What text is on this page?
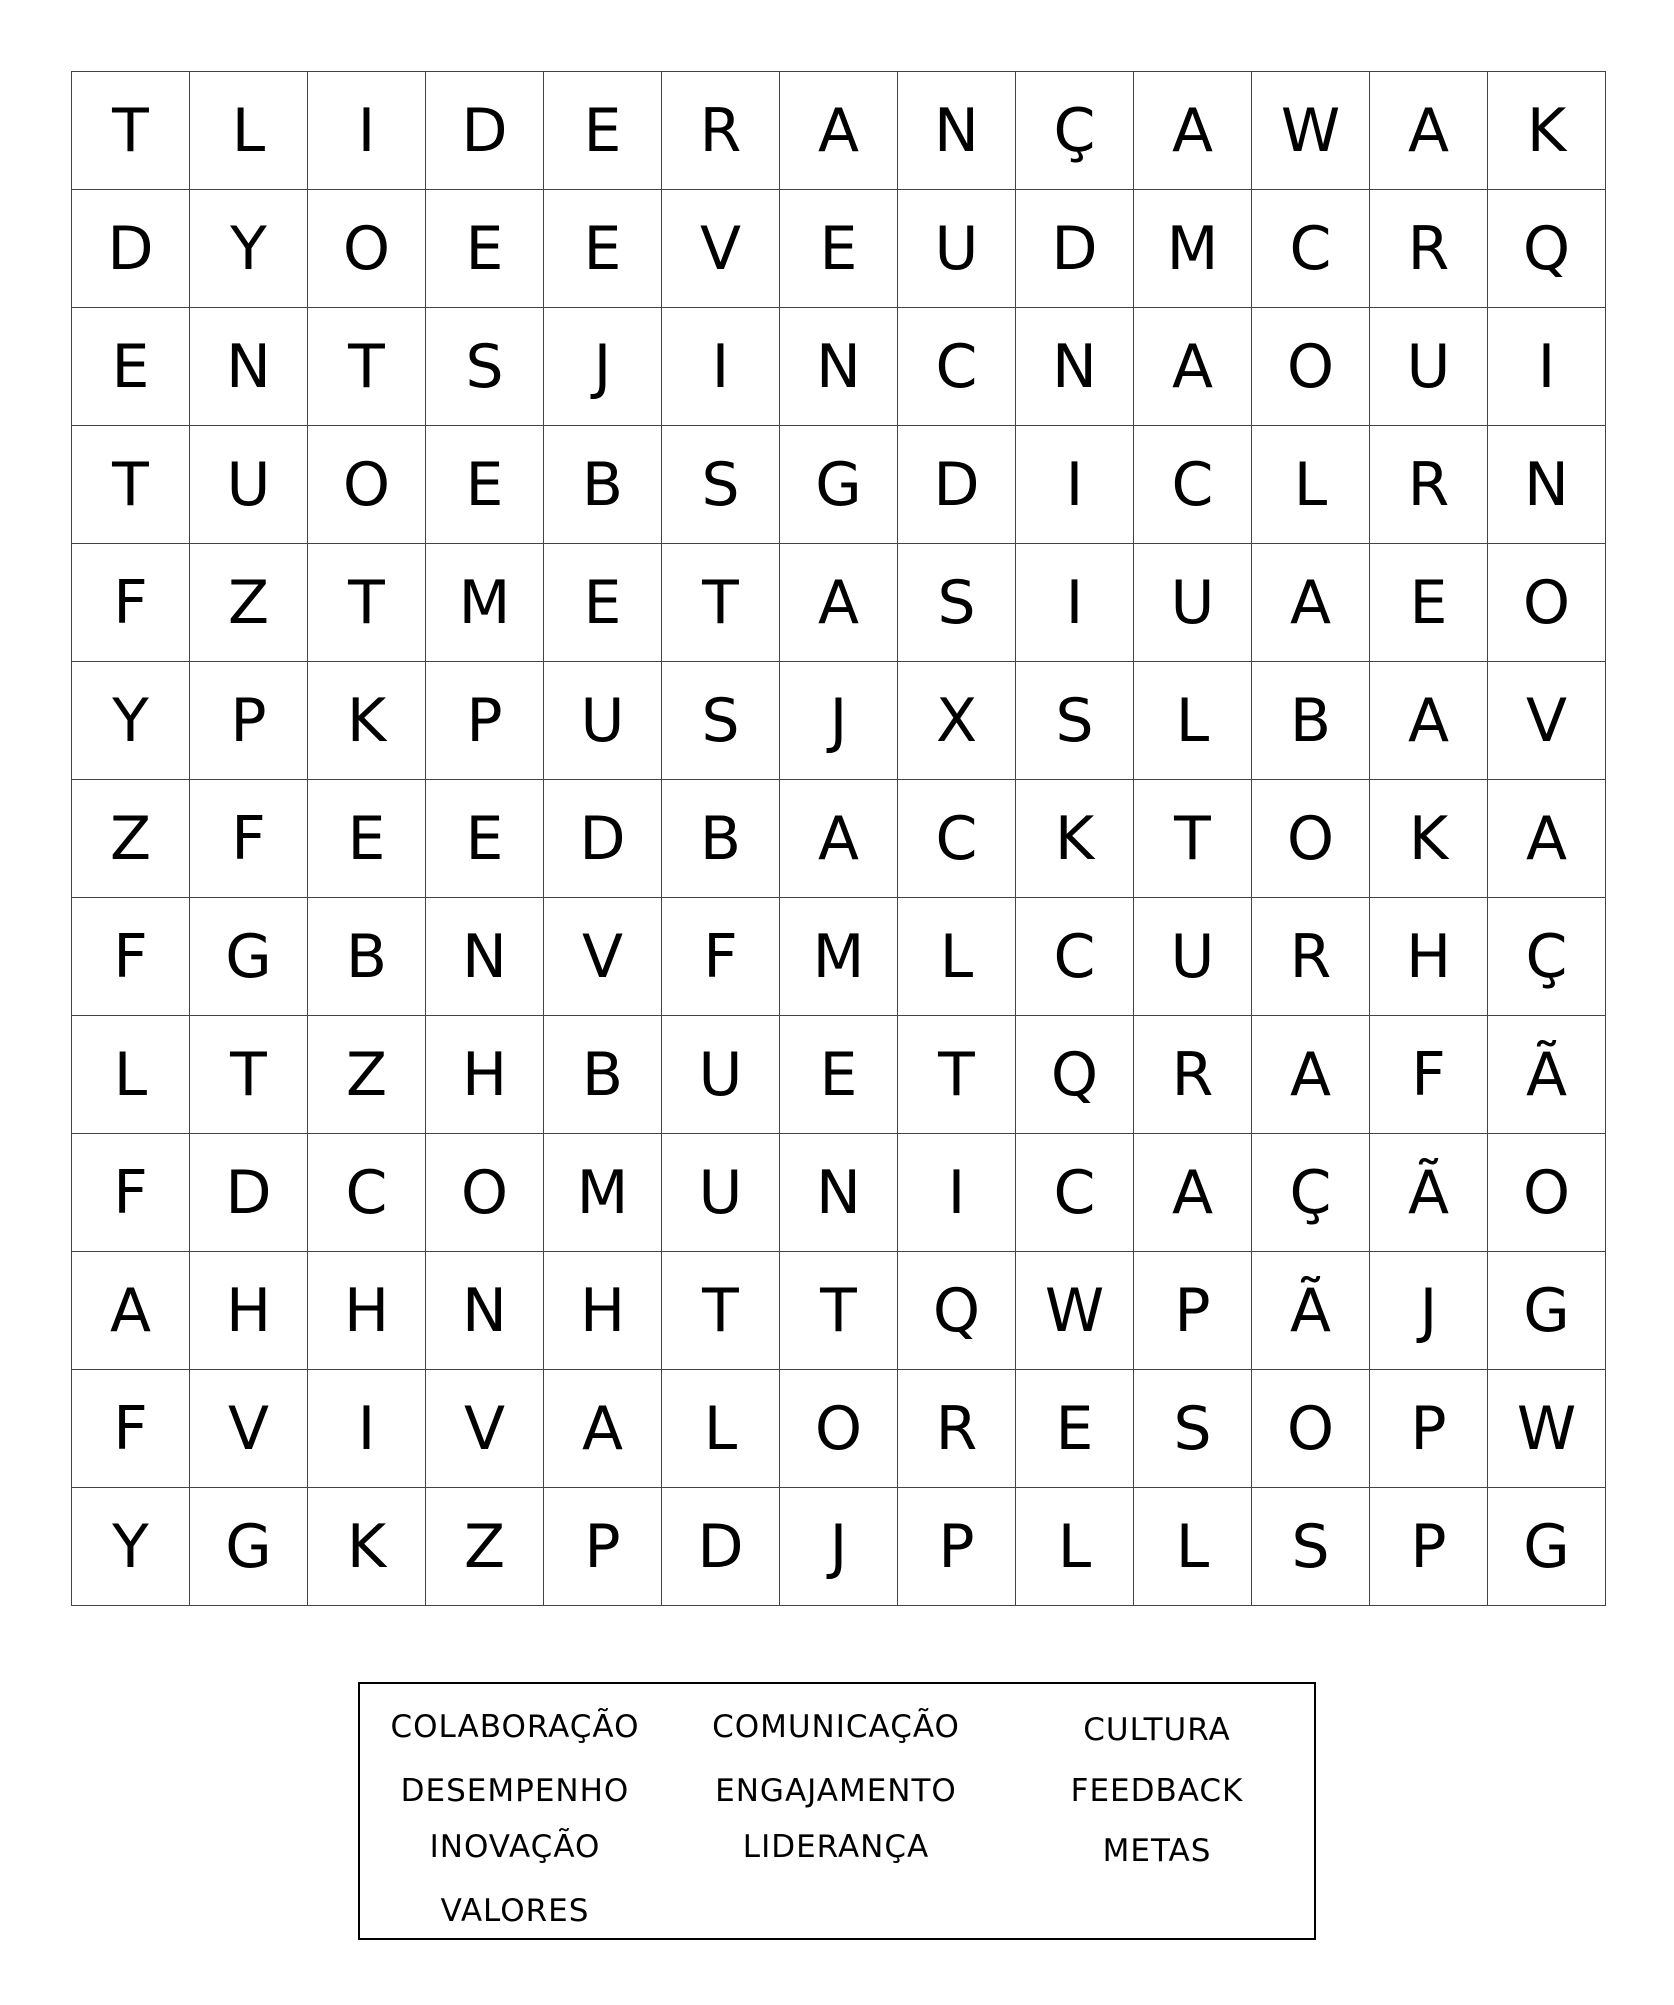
T	L	I	D	E	R	A	N	Ç	A	W	A	K
D	Y	O	E	E	V	E	U	D	M	C	R	Q
E	N	T	S	J	I	N	C	N	A	O	U	I
T	U	O	E	B	S	G	D	I	C	L	R	N
F	Z	T	M	E	T	A	S	I	U	A	E	O
Y	P	K	P	U	S	J	X	S	L	B	A	V
Z	F	E	E	D	B	A	C	K	T	O	K	A
F	G	B	N	V	F	M	L	C	U	R	H	Ç
L	T	Z	H	B	U	E	T	Q	R	A	F	Ã
F	D	C	O	M	U	N	I	C	A	Ç	Ã	O
A	H	H	N	H	T	T	Q	W	P	Ã	J	G
F	V	I	V	A	L	O	R	E	S	O	P	W
Y	G	K	Z	P	D	J	P	L	L	S	P	G
COLABORAÇÃO	COMUNICAÇÃO	CULTURA
DESEMPENHO	ENGAJAMENTO	FEEDBACK
INOVAÇÃO	LIDERANÇA	METAS
VALORES
